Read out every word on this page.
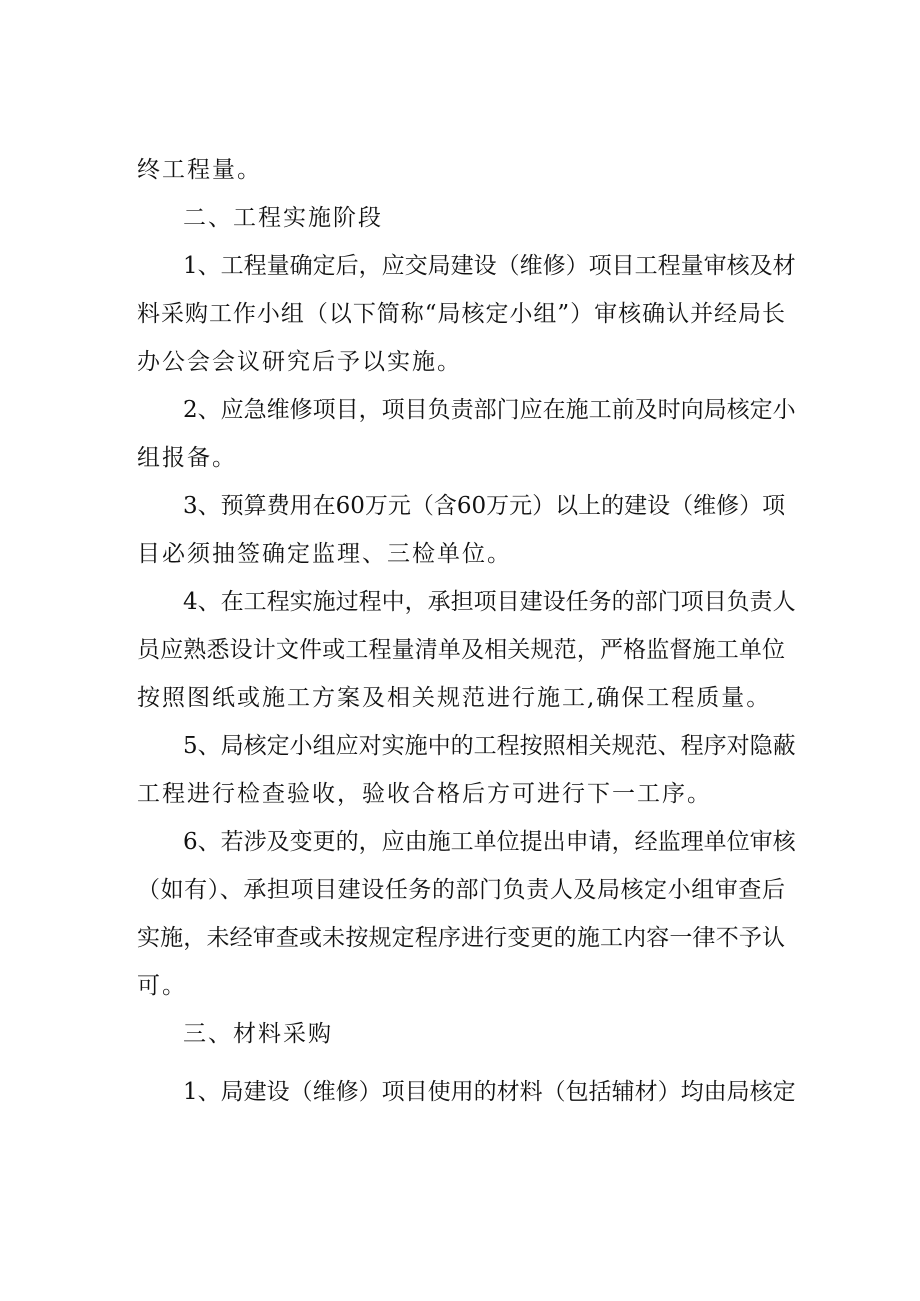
终工程量。
二、工程实施阶段
1、工程量确定后，应交局建设（维修）项目工程量审核及材
料采购工作小组（以下简称“局核定小组”）审核确认并经局长
办公会会议研究后予以实施。
2、应急维修项目，项目负责部门应在施工前及时向局核定小
组报备。
3、预算费用在60万元（含60万元）以上的建设（维修）项
目必须抽签确定监理、三检单位。
4、在工程实施过程中，承担项目建设任务的部门项目负责人
员应熟悉设计文件或工程量清单及相关规范，严格监督施工单位
按照图纸或施工方案及相关规范进行施工,确保工程质量。
5、局核定小组应对实施中的工程按照相关规范、程序对隐蔽
工程进行检查验收，验收合格后方可进行下一工序。
6、若涉及变更的，应由施工单位提出申请，经监理单位审核
（如有）、承担项目建设任务的部门负责人及局核定小组审查后
实施，未经审查或未按规定程序进行变更的施工内容一律不予认
可。
三、材料采购
1、局建设（维修）项目使用的材料（包括辅材）均由局核定
